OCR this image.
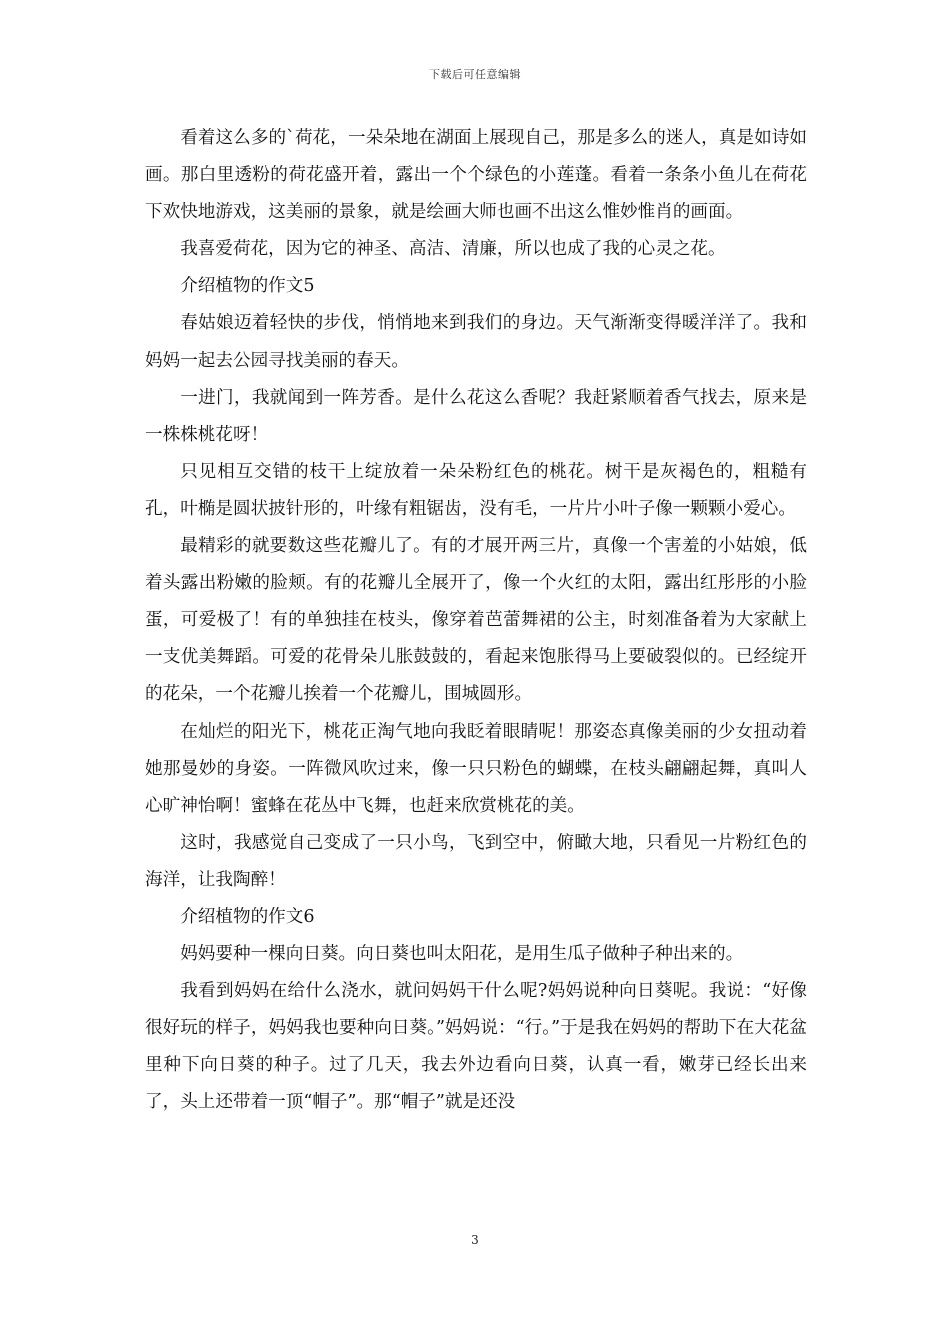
下载后可任意编辑

看着这么多的`荷花，一朵朵地在湖面上展现自己，那是多么的迷人，真是如诗如画。那白里透粉的荷花盛开着，露出一个个绿色的小莲蓬。看着一条条小鱼儿在荷花下欢快地游戏，这美丽的景象，就是绘画大师也画不出这么惟妙惟肖的画面。

我喜爱荷花，因为它的神圣、高洁、清廉，所以也成了我的心灵之花。

介绍植物的作文5

春姑娘迈着轻快的步伐，悄悄地来到我们的身边。天气渐渐变得暖洋洋了。我和妈妈一起去公园寻找美丽的春天。

一进门，我就闻到一阵芳香。是什么花这么香呢？我赶紧顺着香气找去，原来是一株株桃花呀！

只见相互交错的枝干上绽放着一朵朵粉红色的桃花。树干是灰褐色的，粗糙有孔，叶椭是圆状披针形的，叶缘有粗锯齿，没有毛，一片片小叶子像一颗颗小爱心。

最精彩的就要数这些花瓣儿了。有的才展开两三片，真像一个害羞的小姑娘，低着头露出粉嫩的脸颊。有的花瓣儿全展开了，像一个火红的太阳，露出红彤彤的小脸蛋，可爱极了！有的单独挂在枝头，像穿着芭蕾舞裙的公主，时刻准备着为大家献上一支优美舞蹈。可爱的花骨朵儿胀鼓鼓的，看起来饱胀得马上要破裂似的。已经绽开的花朵，一个花瓣儿挨着一个花瓣儿，围城圆形。

在灿烂的阳光下，桃花正淘气地向我眨着眼睛呢！那姿态真像美丽的少女扭动着她那曼妙的身姿。一阵微风吹过来，像一只只粉色的蝴蝶，在枝头翩翩起舞，真叫人心旷神怡啊！蜜蜂在花丛中飞舞，也赶来欣赏桃花的美。

这时，我感觉自己变成了一只小鸟，飞到空中，俯瞰大地，只看见一片粉红色的海洋，让我陶醉！

介绍植物的作文6

妈妈要种一棵向日葵。向日葵也叫太阳花，是用生瓜子做种子种出来的。

我看到妈妈在给什么浇水，就问妈妈干什么呢?妈妈说种向日葵呢。我说：“好像很好玩的样子，妈妈我也要种向日葵。”妈妈说：“行。”于是我在妈妈的帮助下在大花盆里种下向日葵的种子。过了几天，我去外边看向日葵，认真一看，嫩芽已经长出来了，头上还带着一顶“帽子”。那“帽子”就是还没

3
